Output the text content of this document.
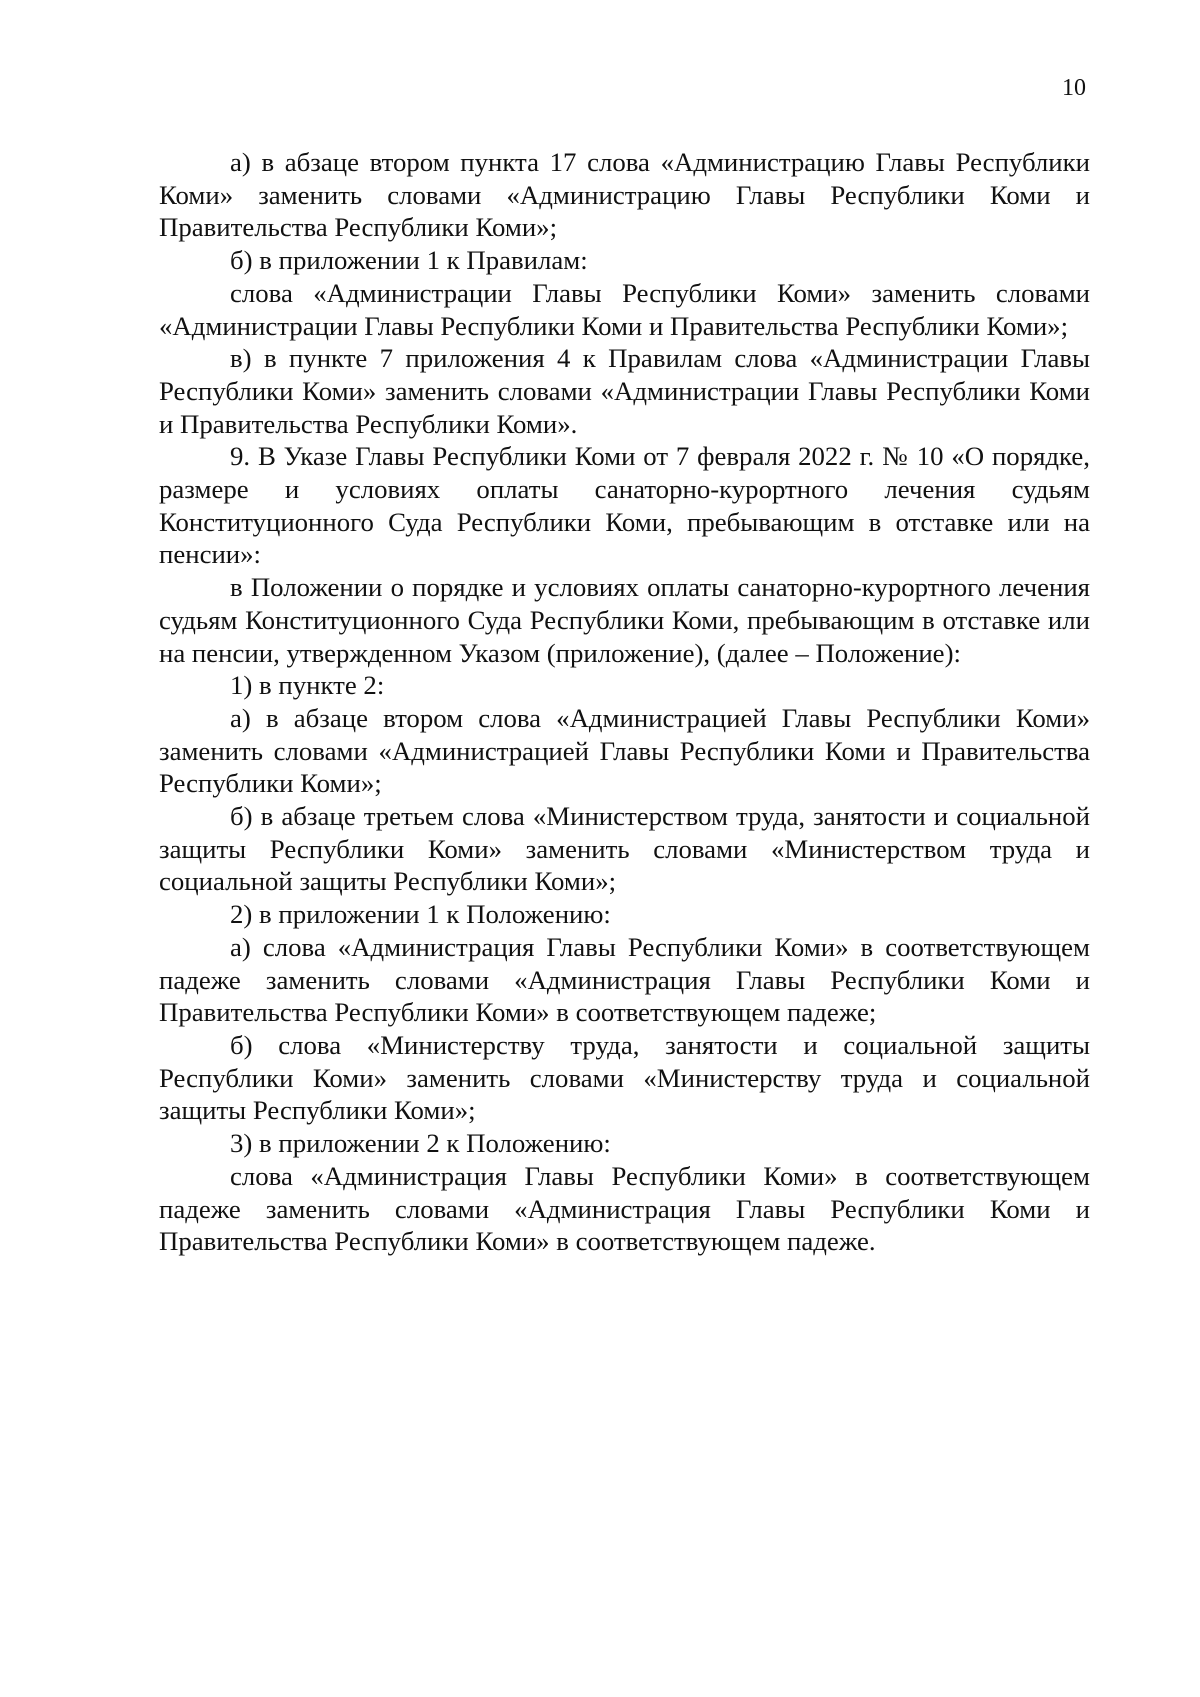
10

а) в абзаце втором пункта 17 слова «Администрацию Главы Республики Коми» заменить словами «Администрацию Главы Республики Коми и Правительства Республики Коми»;

б) в приложении 1 к Правилам:

слова «Администрации Главы Республики Коми» заменить словами «Администрации Главы Республики Коми и Правительства Республики Коми»;

в) в пункте 7 приложения 4 к Правилам слова «Администрации Главы Республики Коми» заменить словами «Администрации Главы Республики Коми и Правительства Республики Коми».

9. В Указе Главы Республики Коми от 7 февраля 2022 г. № 10 «О порядке, размере и условиях оплаты санаторно-курортного лечения судьям Конституционного Суда Республики Коми, пребывающим в отставке или на пенсии»:

в Положении о порядке и условиях оплаты санаторно-курортного лечения судьям Конституционного Суда Республики Коми, пребывающим в отставке или на пенсии, утвержденном Указом (приложение), (далее – Положение):

1) в пункте 2:

а) в абзаце втором слова «Администрацией Главы Республики Коми» заменить словами «Администрацией Главы Республики Коми и Правительства Республики Коми»;

б) в абзаце третьем слова «Министерством труда, занятости и социальной защиты Республики Коми» заменить словами «Министерством труда и социальной защиты Республики Коми»;

2) в приложении 1 к Положению:

а) слова «Администрация Главы Республики Коми» в соответствующем падеже заменить словами «Администрация Главы Республики Коми и Правительства Республики Коми» в соответствующем падеже;

б) слова «Министерству труда, занятости и социальной защиты Республики Коми» заменить словами «Министерству труда и социальной защиты Республики Коми»;

3) в приложении 2 к Положению:

слова «Администрация Главы Республики Коми» в соответствующем падеже заменить словами «Администрация Главы Республики Коми и Правительства Республики Коми» в соответствующем падеже.
